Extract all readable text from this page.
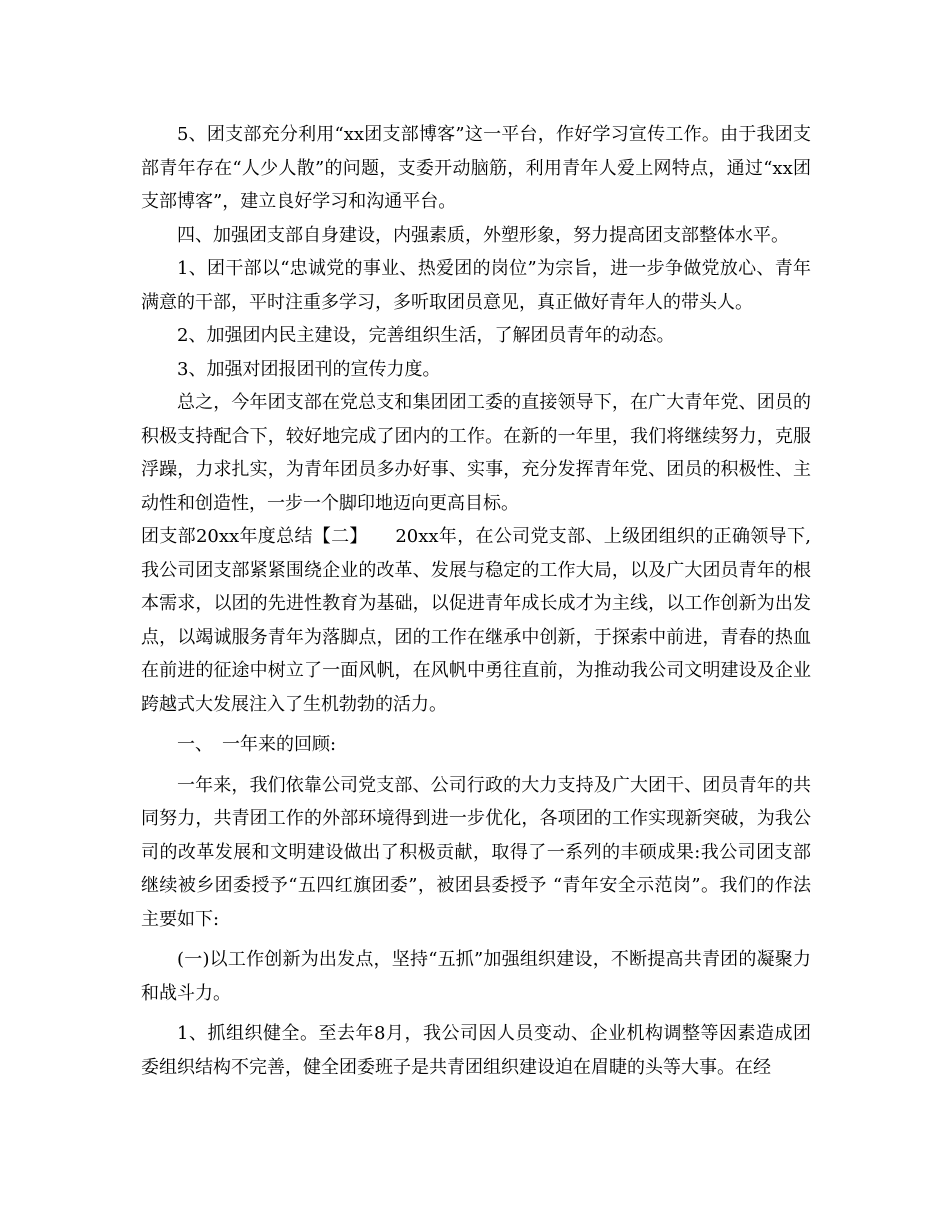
5、团支部充分利用“xx团支部博客”这一平台，作好学习宣传工作。由于我团支部青年存在“人少人散”的问题，支委开动脑筋，利用青年人爱上网特点，通过“xx团支部博客”，建立良好学习和沟通平台。

四、加强团支部自身建设，内强素质，外塑形象，努力提高团支部整体水平。

1、团干部以“忠诚党的事业、热爱团的岗位”为宗旨，进一步争做党放心、青年满意的干部，平时注重多学习，多听取团员意见，真正做好青年人的带头人。

2、加强团内民主建设，完善组织生活，了解团员青年的动态。

3、加强对团报团刊的宣传力度。

总之，今年团支部在党总支和集团团工委的直接领导下，在广大青年党、团员的积极支持配合下，较好地完成了团内的工作。在新的一年里，我们将继续努力，克服浮躁，力求扎实，为青年团员多办好事、实事，充分发挥青年党、团员的积极性、主动性和创造性，一步一个脚印地迈向更高目标。

团支部20xx年度总结【二】　　20xx年，在公司党支部、上级团组织的正确领导下,我公司团支部紧紧围绕企业的改革、发展与稳定的工作大局，以及广大团员青年的根本需求，以团的先进性教育为基础，以促进青年成长成才为主线，以工作创新为出发点，以竭诚服务青年为落脚点，团的工作在继承中创新，于探索中前进，青春的热血在前进的征途中树立了一面风帆，在风帆中勇往直前，为推动我公司文明建设及企业跨越式大发展注入了生机勃勃的活力。

一、　一年来的回顾:

一年来，我们依靠公司党支部、公司行政的大力支持及广大团干、团员青年的共同努力，共青团工作的外部环境得到进一步优化，各项团的工作实现新突破，为我公司的改革发展和文明建设做出了积极贡献，取得了一系列的丰硕成果:我公司团支部继续被乡团委授予“五四红旗团委”，被团县委授予 “青年安全示范岗”。我们的作法主要如下:

(一)以工作创新为出发点，坚持“五抓”加强组织建设，不断提高共青团的凝聚力和战斗力。

1、抓组织健全。至去年8月，我公司因人员变动、企业机构调整等因素造成团委组织结构不完善，健全团委班子是共青团组织建设迫在眉睫的头等大事。在经
